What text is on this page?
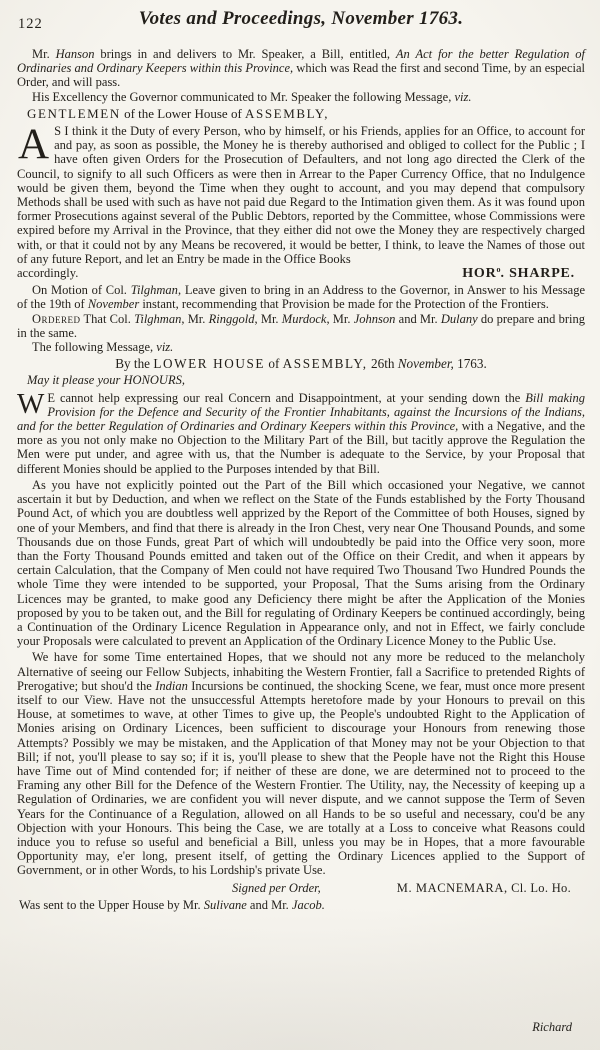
122	Votes and Proceedings, November 1763.

Mr. Hanson brings in and delivers to Mr. Speaker, a Bill, entitled, An Act for the better Regulation of Ordinaries and Ordinary Keepers within this Province, which was Read the first and second Time, by an especial Order, and will pass.

His Excellency the Governor communicated to Mr. Speaker the following Message, viz.

GENTLEMEN of the Lower House of ASSEMBLY,

A S I think it the Duty of every Person, who by himself, or his Friends, applies for an Office, to account for and pay, as soon as possible, the Money he is thereby authorised and obliged to collect for the Public ; I have often given Orders for the Prosecution of Defaulters, and not long ago directed the Clerk of the Council, to signify to all such Officers as were then in Arrear to the Paper Currency Office, that no Indulgence would be given them, beyond the Time when they ought to account, and you may depend that compulsory Methods shall be used with such as have not paid due Regard to the Intimation given them. As it was found upon former Prosecutions against several of the Public Debtors, reported by the Committee, whose Commissions were expired before my Arrival in the Province, that they either did not owe the Money they are respectively charged with, or that it could not by any Means be recovered, it would be better, I think, to leave the Names of those out of any future Report, and let an Entry be made in the Office Books

accordingly.	HOR$^o$. SHARPE.

On Motion of Col. Tilghman, Leave given to bring in an Address to the Governor, in Answer to his Message of the 19th of November instant, recommending that Provision be made for the Protection of the Frontiers.

Ordered That Col. Tilghman, Mr. Ringgold, Mr. Murdock, Mr. Johnson and Mr. Dulany do prepare and bring in the same.

The following Message, viz.

By the LOWER HOUSE of ASSEMBLY, 26th November, 1763.

May it please your HONOURS,

W E cannot help expressing our real Concern and Disappointment, at your sending down the Bill making Provision for the Defence and Security of the Frontier Inhabitants, against the Incursions of the Indians, and for the better Regulation of Ordinaries and Ordinary Keepers within this Province, with a Negative, and the more as you not only make no Objection to the Military Part of the Bill, but tacitly approve the Regulation the Men were put under, and agree with us, that the Number is adequate to the Service, by your Proposal that different Monies should be applied to the Purposes intended by that Bill.

As you have not explicitly pointed out the Part of the Bill which occasioned your Negative, we cannot ascertain it but by Deduction, and when we reflect on the State of the Funds established by the Forty Thousand Pound Act, of which you are doubtless well apprized by the Report of the Committee of both Houses, signed by one of your Members, and find that there is already in the Iron Chest, very near One Thousand Pounds, and some Thousands due on those Funds, great Part of which will undoubtedly be paid into the Office very soon, more than the Forty Thousand Pounds emitted and taken out of the Office on their Credit, and when it appears by certain Calculation, that the Company of Men could not have required Two Thousand Two Hundred Pounds the whole Time they were intended to be supported, your Proposal, That the Sums arising from the Ordinary Licences may be granted, to make good any Deficiency there might be after the Application of the Monies proposed by you to be taken out, and the Bill for regulating of Ordinary Keepers be continued accordingly, being a Continuation of the Ordinary Licence Regulation in Appearance only, and not in Effect, we fairly conclude your Proposals were calculated to prevent an Application of the Ordinary Licence Money to the Public Use.

We have for some Time entertained Hopes, that we should not any more be reduced to the melancholy Alternative of seeing our Fellow Subjects, inhabiting the Western Frontier, fall a Sacrifice to pretended Rights of Prerogative; but shou'd the Indian Incursions be continued, the shocking Scene, we fear, must once more present itself to our View. Have not the unsuccessful Attempts heretofore made by your Honours to prevail on this House, at sometimes to wave, at other Times to give up, the People's undoubted Right to the Application of Monies arising on Ordinary Licences, been sufficient to discourage your Honours from renewing those Attempts? Possibly we may be mistaken, and the Application of that Money may not be your Objection to that Bill; if not, you'll please to say so; if it is, you'll please to shew that the People have not the Right this House have Time out of Mind contended for; if neither of these are done, we are determined not to proceed to the Framing any other Bill for the Defence of the Western Frontier. The Utility, nay, the Necessity of keeping up a Regulation of Ordinaries, we are confident you will never dispute, and we cannot suppose the Term of Seven Years for the Continuance of a Regulation, allowed on all Hands to be so useful and necessary, cou'd be any Objection with your Honours. This being the Case, we are totally at a Loss to conceive what Reasons could induce you to refuse so useful and beneficial a Bill, unless you may be in Hopes, that a more favourable Opportunity may, e'er long, present itself, of getting the Ordinary Licences applied to the Support of Government, or in other Words, to his Lordship's private Use.

Signed per Order,	M. MACNEMARA, Cl. Lo. Ho.

Was sent to the Upper House by Mr. Sulivane and Mr. Jacob.

Richard
